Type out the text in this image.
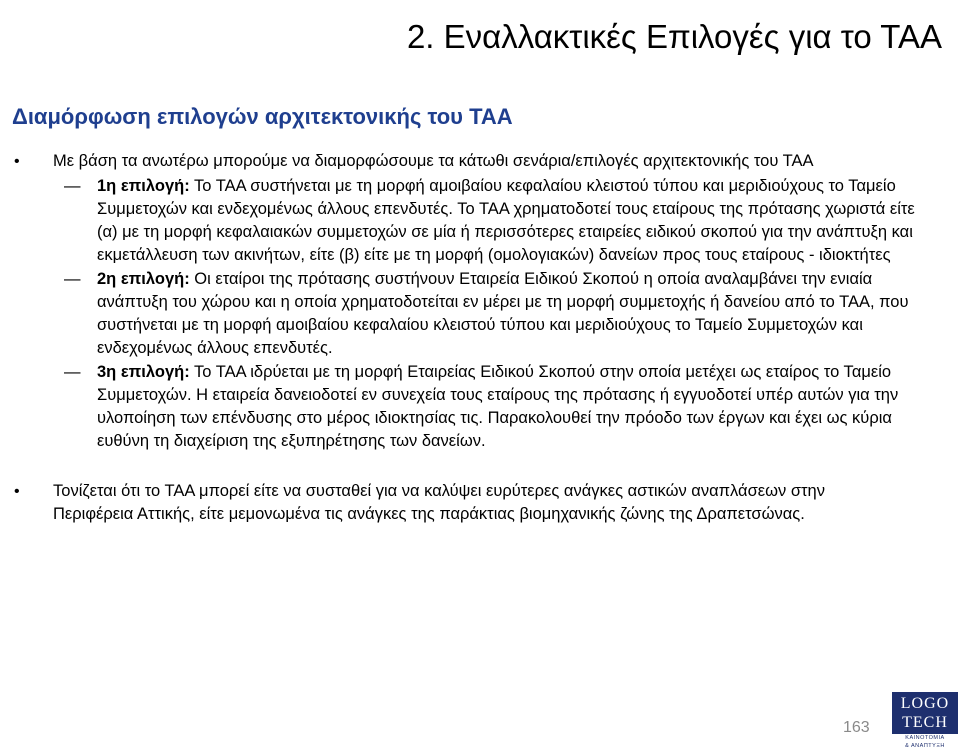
2. Εναλλακτικές Επιλογές για το ΤΑΑ
Διαμόρφωση επιλογών αρχιτεκτονικής του ΤΑΑ
• Με βάση τα ανωτέρω μπορούμε να διαμορφώσουμε τα κάτωθι σενάρια/επιλογές αρχιτεκτονικής του ΤΑΑ
— 1η επιλογή: Το ΤΑΑ συστήνεται με τη μορφή αμοιβαίου κεφαλαίου κλειστού τύπου και μεριδιούχους το Ταμείο Συμμετοχών και ενδεχομένως άλλους επενδυτές. Το ΤΑΑ χρηματοδοτεί τους εταίρους της πρότασης χωριστά είτε (α) με τη μορφή κεφαλαιακών συμμετοχών σε μία ή περισσότερες εταιρείες ειδικού σκοπού για την ανάπτυξη και εκμετάλλευση των ακινήτων, είτε (β) είτε με τη μορφή (ομολογιακών) δανείων προς τους εταίρους - ιδιοκτήτες
— 2η επιλογή: Οι εταίροι της πρότασης συστήνουν Εταιρεία Ειδικού Σκοπού η οποία αναλαμβάνει την ενιαία ανάπτυξη του χώρου και η οποία χρηματοδοτείται εν μέρει με τη μορφή συμμετοχής ή δανείου από το ΤΑΑ, που συστήνεται με τη μορφή αμοιβαίου κεφαλαίου κλειστού τύπου και μεριδιούχους το Ταμείο Συμμετοχών και ενδεχομένως άλλους επενδυτές.
— 3η επιλογή: Το ΤΑΑ ιδρύεται με τη μορφή Εταιρείας Ειδικού Σκοπού στην οποία μετέχει ως εταίρος το Ταμείο Συμμετοχών. Η εταιρεία δανειοδοτεί εν συνεχεία τους εταίρους της πρότασης ή εγγυοδοτεί υπέρ αυτών για την υλοποίηση των επένδυσης στο μέρος ιδιοκτησίας τις. Παρακολουθεί την πρόοδο των έργων και έχει ως κύρια ευθύνη τη διαχείριση της εξυπηρέτησης των δανείων.
• Τονίζεται ότι το ΤΑΑ μπορεί είτε να συσταθεί για να καλύψει ευρύτερες ανάγκες αστικών αναπλάσεων στην Περιφέρεια Αττικής, είτε μεμονωμένα τις ανάγκες της παράκτιας βιομηχανικής ζώνης της Δραπετσώνας.
163
LOGO
TECH
ΚΑΙΝΟΤΟΜΙΑ
& ΑΝΑΠΤΥΞΗ
